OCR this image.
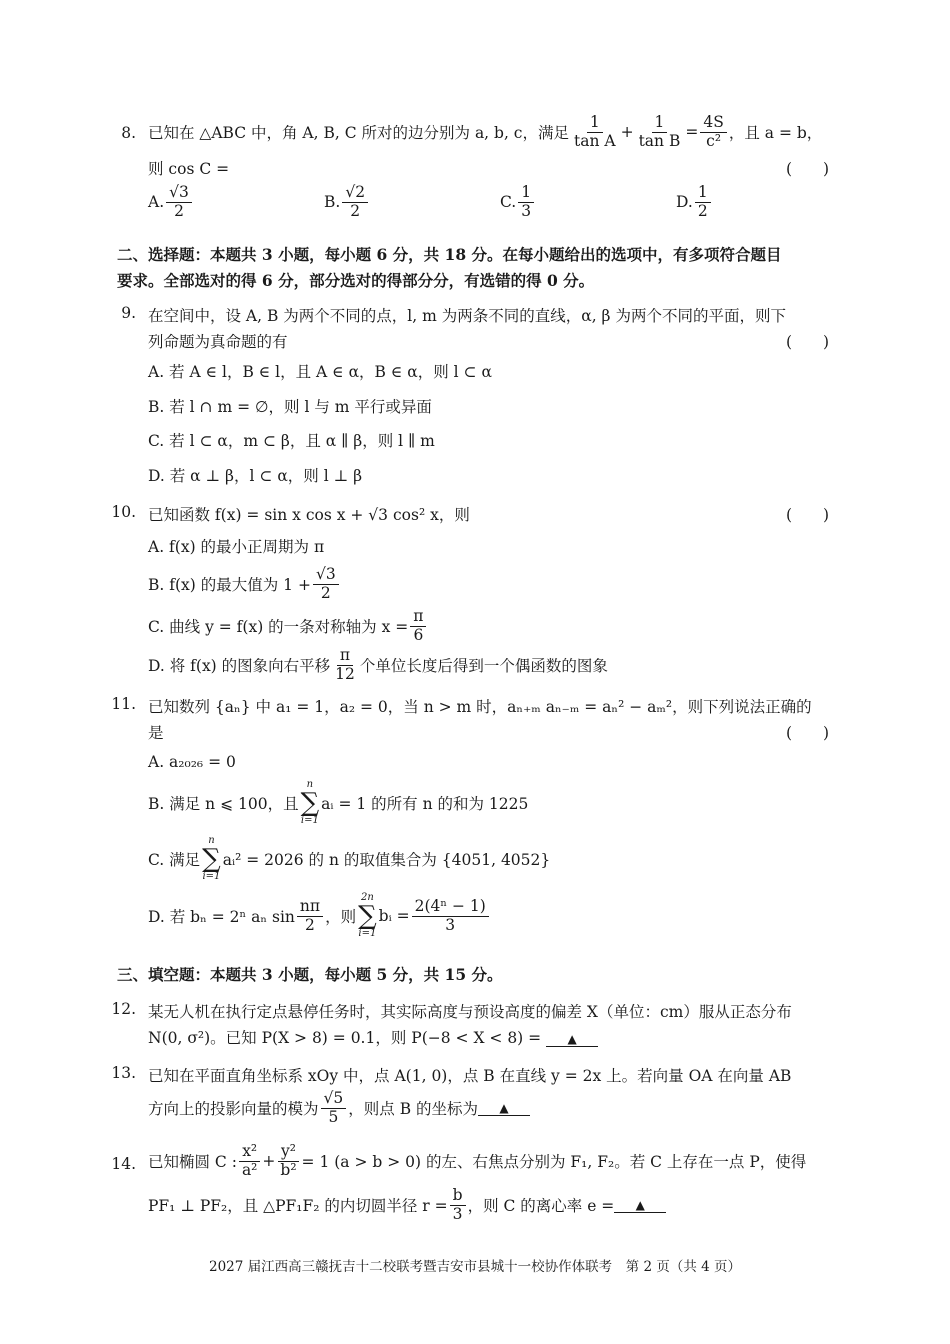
8. 已知在 △ABC 中，角 A, B, C 所对的边分别为 a, b, c，满足 $\frac{1}{\text{tan A}} + \frac{1}{\text{tan B}} = \frac{4S}{\text{c²}}$ ，且 a = b，
则 cos C =	(　　)
A. $\frac{√3}{2}$	B. $\frac{√2}{2}$	C. $\frac{1}{3}$	D. $\frac{1}{2}$
二、选择题：本题共 3 小题，每小题 6 分，共 18 分。在每小题给出的选项中，有多项符合题目
要求。全部选对的得 6 分，部分选对的得部分分，有选错的得 0 分。
9. 在空间中，设 A, B 为两个不同的点，l, m 为两条不同的直线，α, β 为两个不同的平面，则下
列命题为真命题的有	(　　)
A. 若 A ∈ l，B ∈ l，且 A ∈ α，B ∈ α，则 l ⊂ α
B. 若 l ∩ m = ∅，则 l 与 m 平行或异面
C. 若 l ⊂ α，m ⊂ β，且 α ∥ β，则 l ∥ m
D. 若 α ⊥ β，l ⊂ α，则 l ⊥ β
10. 已知函数 f(x) = sin x cos x + √3 cos² x，则	(　　)
A. f(x) 的最小正周期为 π
B. f(x) 的最大值为 $1 + \frac{√3}{2}$
C. 曲线 y = f(x) 的一条对称轴为 $x = \frac{\pi}{6}$
D. 将 f(x) 的图象向右平移 $\frac{\pi}{12}$ 个单位长度后得到一个偶函数的图象
11. 已知数列 {aₙ} 中 a₁ = 1，a₂ = 0，当 n > m 时，aₙ₊ₘ aₙ₋ₘ = aₙ² − aₘ²，则下列说法正确的
是	(　　)
A. a₂₀₂₆ = 0
B. 满足 n ⩽ 100，且
n
∑
i=1
aᵢ = 1 的所有 n 的和为 1225
C. 满足
n
∑
i=1
aᵢ² = 2026 的 n 的取值集合为 {4051, 4052}
D. 若 bₙ = 2ⁿ aₙ $\sin \frac{n\pi}{2}$ ，则
2n
∑
i=1
bᵢ = $\frac{\text{2(4ⁿ − 1)}}{3}$
三、填空题：本题共 3 小题，每小题 5 分，共 15 分。
12. 某无人机在执行定点悬停任务时，其实际高度与预设高度的偏差 X（单位：cm）服从正态分布
N(0, σ²)。已知 P(X > 8) = 0.1，则 P(−8 < X < 8) = ▲
13. 已知在平面直角坐标系 xOy 中，点 A(1, 0)，点 B 在直线 y = 2x 上。若向量 OA 在向量 AB
方向上的投影向量的模为 $\frac{√5}{5}$ ，则点 B 的坐标为	▲
14. 已知椭圆 C : $\frac{\text{x²}}{\text{a²}} + \frac{\text{y²}}{\text{b²}} = 1$ (a > b > 0) 的左、右焦点分别为 F₁, F₂。若 C 上存在一点 P，使得
PF₁ ⊥ PF₂，且 △PF₁F₂ 的内切圆半径 $r = \frac{b}{3}$ ，则 C 的离心率 e =	▲
2027 届江西高三赣抚吉十二校联考暨吉安市县城十一校协作体联考　第 2 页（共 4 页）
